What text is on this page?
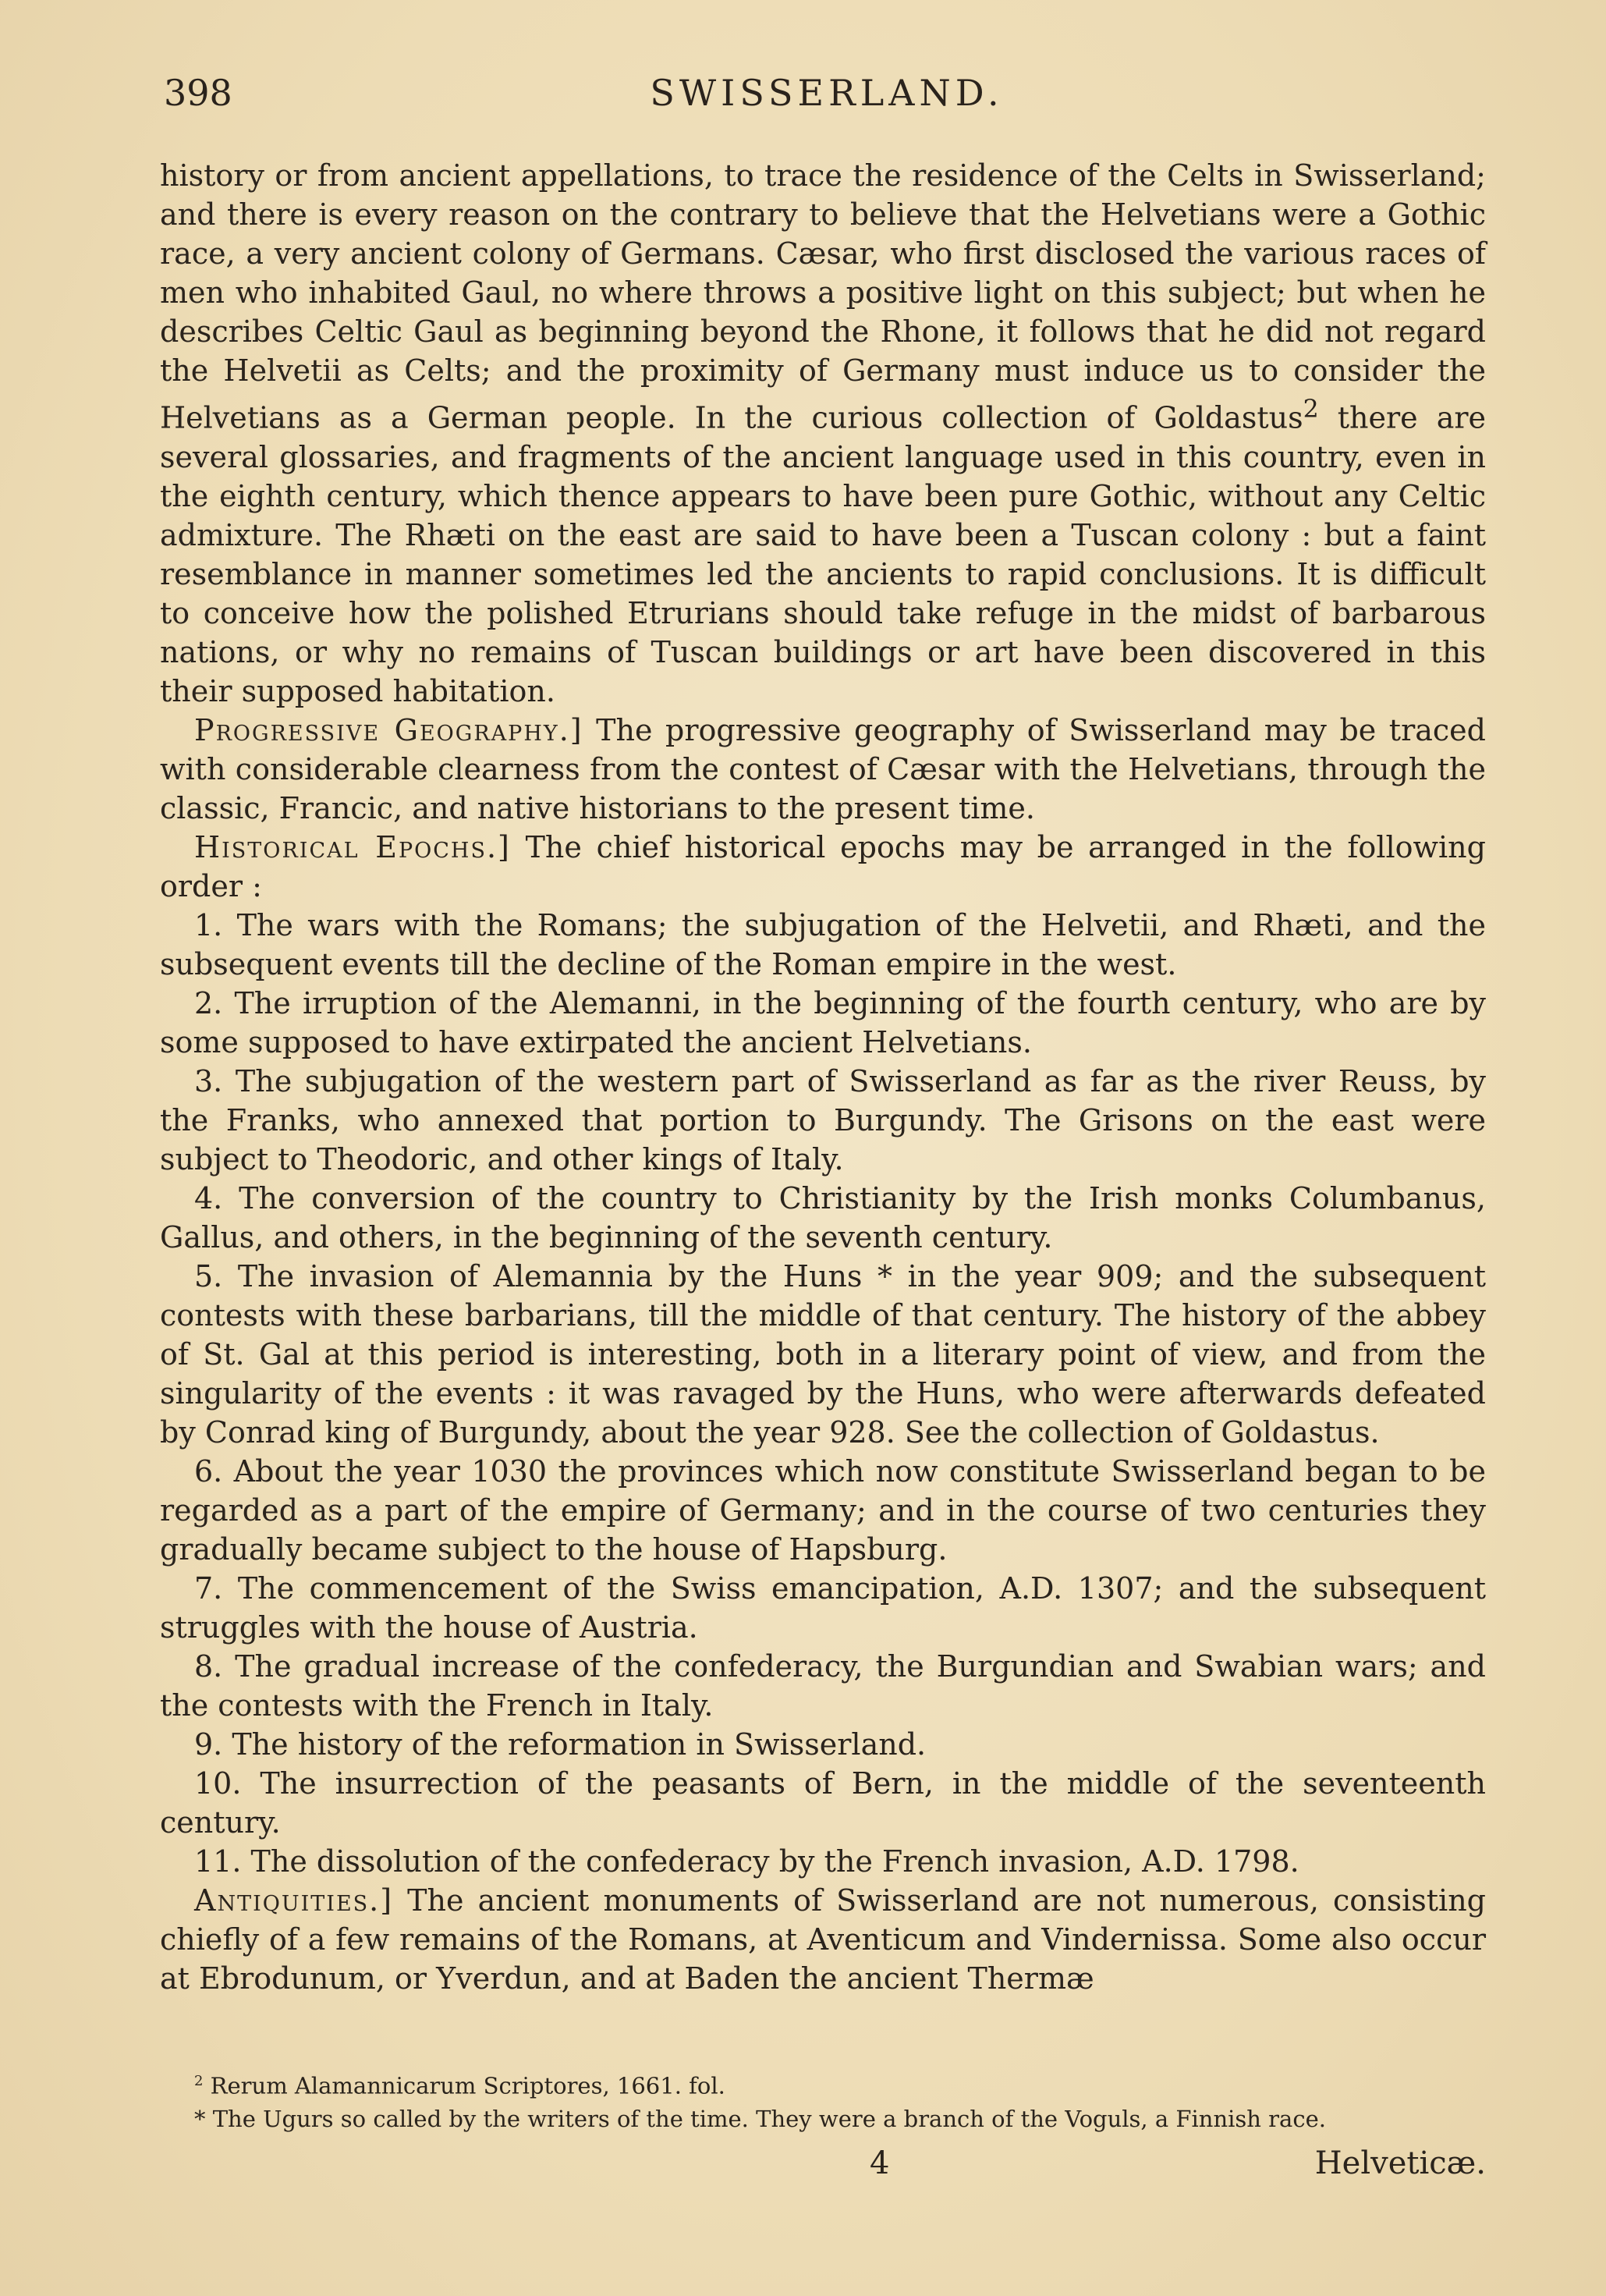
398	SWISSERLAND.

history or from ancient appellations, to trace the residence of the Celts in Swisserland; and there is every reason on the contrary to believe that the Helvetians were a Gothic race, a very ancient colony of Germans. Cæsar, who first disclosed the various races of men who inhabited Gaul, no where throws a positive light on this subject; but when he describes Celtic Gaul as beginning beyond the Rhone, it follows that he did not regard the Helvetii as Celts; and the proximity of Germany must induce us to consider the Helvetians as a German people. In the curious collection of Goldastus$^2$ there are several glossaries, and fragments of the ancient language used in this country, even in the eighth century, which thence appears to have been pure Gothic, without any Celtic admixture. The Rhæti on the east are said to have been a Tuscan colony : but a faint resemblance in manner sometimes led the ancients to rapid conclusions. It is difficult to conceive how the polished Etrurians should take refuge in the midst of barbarous nations, or why no remains of Tuscan buildings or art have been discovered in this their supposed habitation.

Progressive Geography.] The progressive geography of Swisserland may be traced with considerable clearness from the contest of Cæsar with the Helvetians, through the classic, Francic, and native historians to the present time.

Historical Epochs.] The chief historical epochs may be arranged in the following order :

1. The wars with the Romans; the subjugation of the Helvetii, and Rhæti, and the subsequent events till the decline of the Roman empire in the west.

2. The irruption of the Alemanni, in the beginning of the fourth century, who are by some supposed to have extirpated the ancient Helvetians.

3. The subjugation of the western part of Swisserland as far as the river Reuss, by the Franks, who annexed that portion to Burgundy. The Grisons on the east were subject to Theodoric, and other kings of Italy.

4. The conversion of the country to Christianity by the Irish monks Columbanus, Gallus, and others, in the beginning of the seventh century.

5. The invasion of Alemannia by the Huns * in the year 909; and the subsequent contests with these barbarians, till the middle of that century. The history of the abbey of St. Gal at this period is interesting, both in a literary point of view, and from the singularity of the events : it was ravaged by the Huns, who were afterwards defeated by Conrad king of Burgundy, about the year 928. See the collection of Goldastus.

6. About the year 1030 the provinces which now constitute Swisserland began to be regarded as a part of the empire of Germany; and in the course of two centuries they gradually became subject to the house of Hapsburg.

7. The commencement of the Swiss emancipation, A.D. 1307; and the subsequent struggles with the house of Austria.

8. The gradual increase of the confederacy, the Burgundian and Swabian wars; and the contests with the French in Italy.

9. The history of the reformation in Swisserland.

10. The insurrection of the peasants of Bern, in the middle of the seventeenth century.

11. The dissolution of the confederacy by the French invasion, A.D. 1798.

Antiquities.] The ancient monuments of Swisserland are not numerous, consisting chiefly of a few remains of the Romans, at Aventicum and Vindernissa. Some also occur at Ebrodunum, or Yverdun, and at Baden the ancient Thermæ

$^2$ Rerum Alamannicarum Scriptores, 1661. fol.

* The Ugurs so called by the writers of the time. They were a branch of the Voguls, a Finnish race.

4	Helveticæ.
